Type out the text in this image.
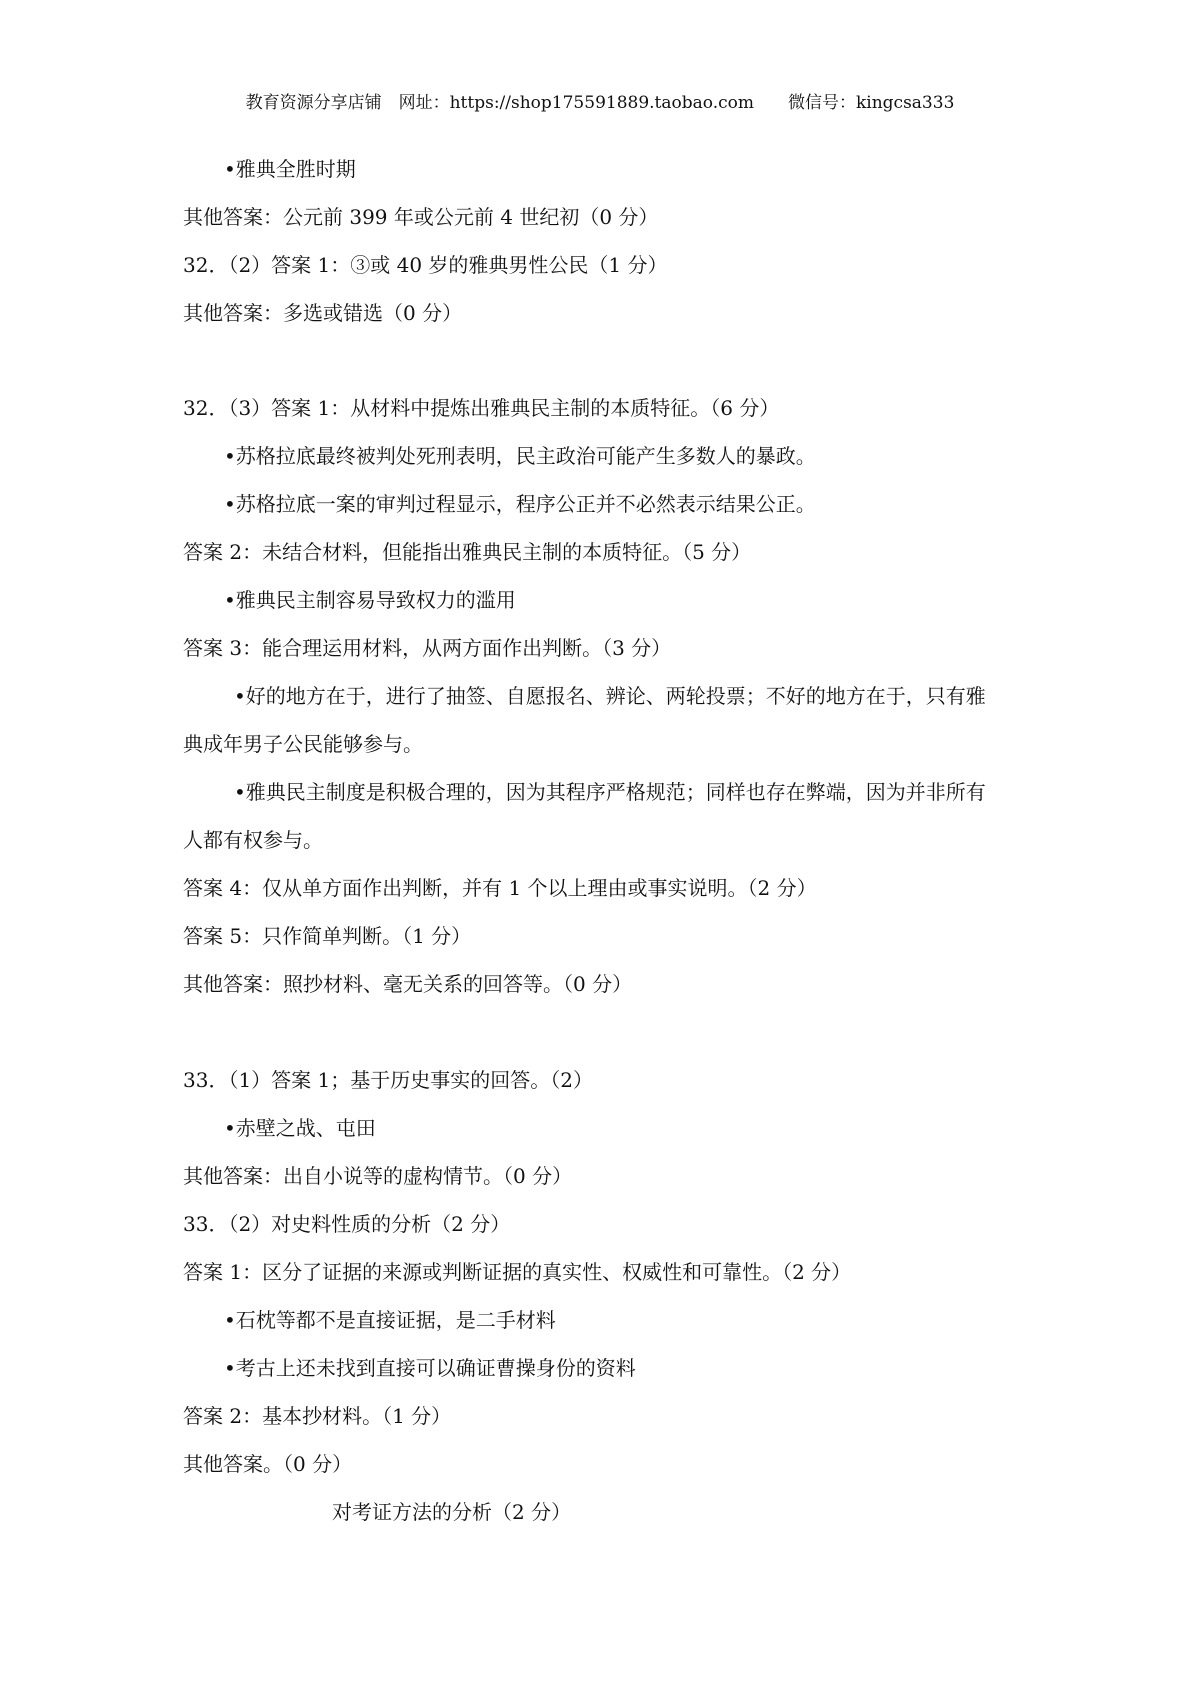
教育资源分享店铺　网址：https://shop175591889.taobao.com　　微信号：kingcsa333
•雅典全胜时期
其他答案：公元前 399 年或公元前 4 世纪初（0 分）
32．（2）答案 1：③或 40 岁的雅典男性公民（1 分）
其他答案：多选或错选（0 分）
32．（3）答案 1：从材料中提炼出雅典民主制的本质特征。（6 分）
•苏格拉底最终被判处死刑表明，民主政治可能产生多数人的暴政。
•苏格拉底一案的审判过程显示，程序公正并不必然表示结果公正。
答案 2：未结合材料，但能指出雅典民主制的本质特征。（5 分）
•雅典民主制容易导致权力的滥用
答案 3：能合理运用材料，从两方面作出判断。（3 分）
•好的地方在于，进行了抽签、自愿报名、辨论、两轮投票；不好的地方在于，只有雅
典成年男子公民能够参与。
•雅典民主制度是积极合理的，因为其程序严格规范；同样也存在弊端，因为并非所有
人都有权参与。
答案 4：仅从单方面作出判断，并有 1 个以上理由或事实说明。（2 分）
答案 5：只作简单判断。（1 分）
其他答案：照抄材料、毫无关系的回答等。（0 分）
33．（1）答案 1；基于历史事实的回答。（2）
•赤壁之战、屯田
其他答案：出自小说等的虚构情节。（0 分）
33．（2）对史料性质的分析（2 分）
答案 1：区分了证据的来源或判断证据的真实性、权威性和可靠性。（2 分）
•石枕等都不是直接证据，是二手材料
•考古上还未找到直接可以确证曹操身份的资料
答案 2：基本抄材料。（1 分）
其他答案。（0 分）
对考证方法的分析（2 分）
